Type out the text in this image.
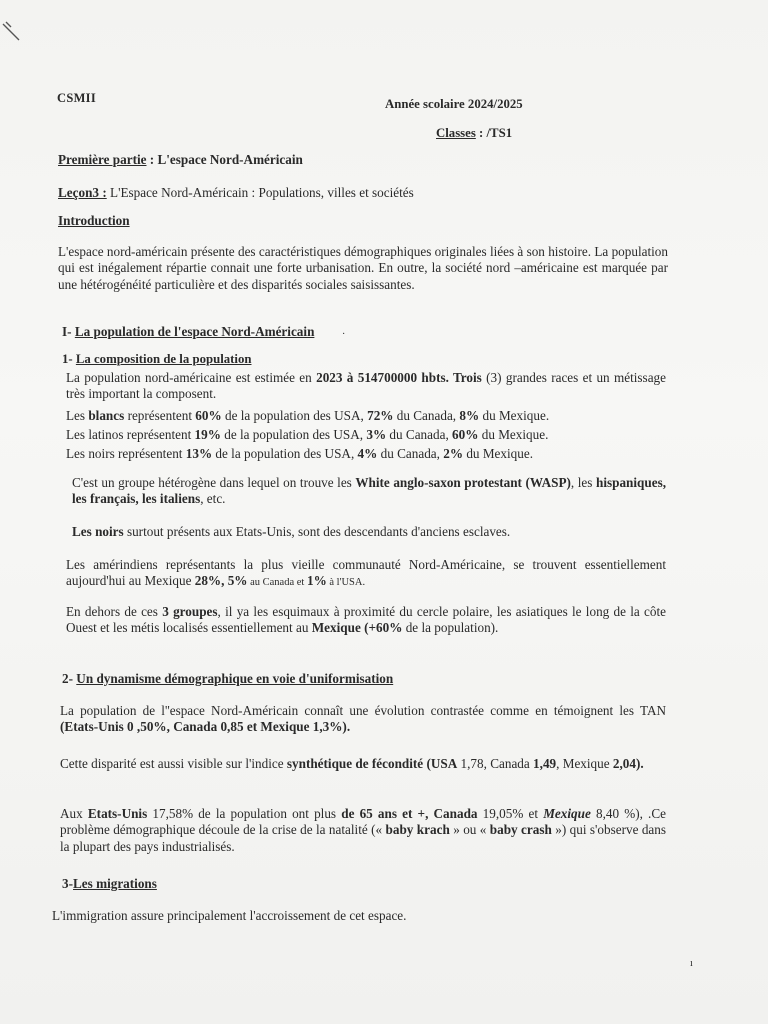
CSMII	Année scolaire 2024/2025
Classes : /TS1
Première partie : L'espace Nord-Américain
Leçon3 : L'Espace Nord-Américain : Populations, villes et sociétés
Introduction
L'espace nord-américain présente des caractéristiques démographiques originales liées à son histoire. La population qui est inégalement répartie connait une forte urbanisation. En outre, la société nord –américaine est marquée par une hétérogénéité particulière et des disparités sociales saisissantes.
I- La population de l'espace Nord-Américain	·
1- La composition de la population
La population nord-américaine est estimée en 2023 à 514700000 hbts. Trois (3) grandes races et un métissage très important la composent.
Les blancs représentent 60% de la population des USA, 72% du Canada, 8% du Mexique.
Les latinos représentent 19% de la population des USA, 3% du Canada, 60% du Mexique.
Les noirs représentent 13% de la population des USA, 4% du Canada, 2% du Mexique.
C'est un groupe hétérogène dans lequel on trouve les White anglo-saxon protestant (WASP), les hispaniques, les français, les italiens, etc.
Les noirs surtout présents aux Etats-Unis, sont des descendants d'anciens esclaves.
Les amérindiens représentants la plus vieille communauté Nord-Américaine, se trouvent essentiellement aujourd'hui au Mexique 28%, 5% au Canada et 1% à l'USA.
En dehors de ces 3 groupes, il ya les esquimaux à proximité du cercle polaire, les asiatiques le long de la côte Ouest et les métis localisés essentiellement au Mexique (+60% de la population).
2- Un dynamisme démographique en voie d'uniformisation
La population de l''espace Nord-Américain connaît une évolution contrastée comme en témoignent les TAN (Etats-Unis 0 ,50%, Canada 0,85 et Mexique 1,3%).
Cette disparité est aussi visible sur l'indice synthétique de fécondité (USA 1,78, Canada 1,49, Mexique 2,04).
Aux Etats-Unis 17,58% de la population ont plus de 65 ans et +, Canada 19,05% et Mexique 8,40 %), .Ce problème démographique découle de la crise de la natalité (« baby krach » ou « baby crash ») qui s'observe dans la plupart des pays industrialisés.
3-Les migrations
L'immigration assure principalement l'accroissement de cet espace.
ı
